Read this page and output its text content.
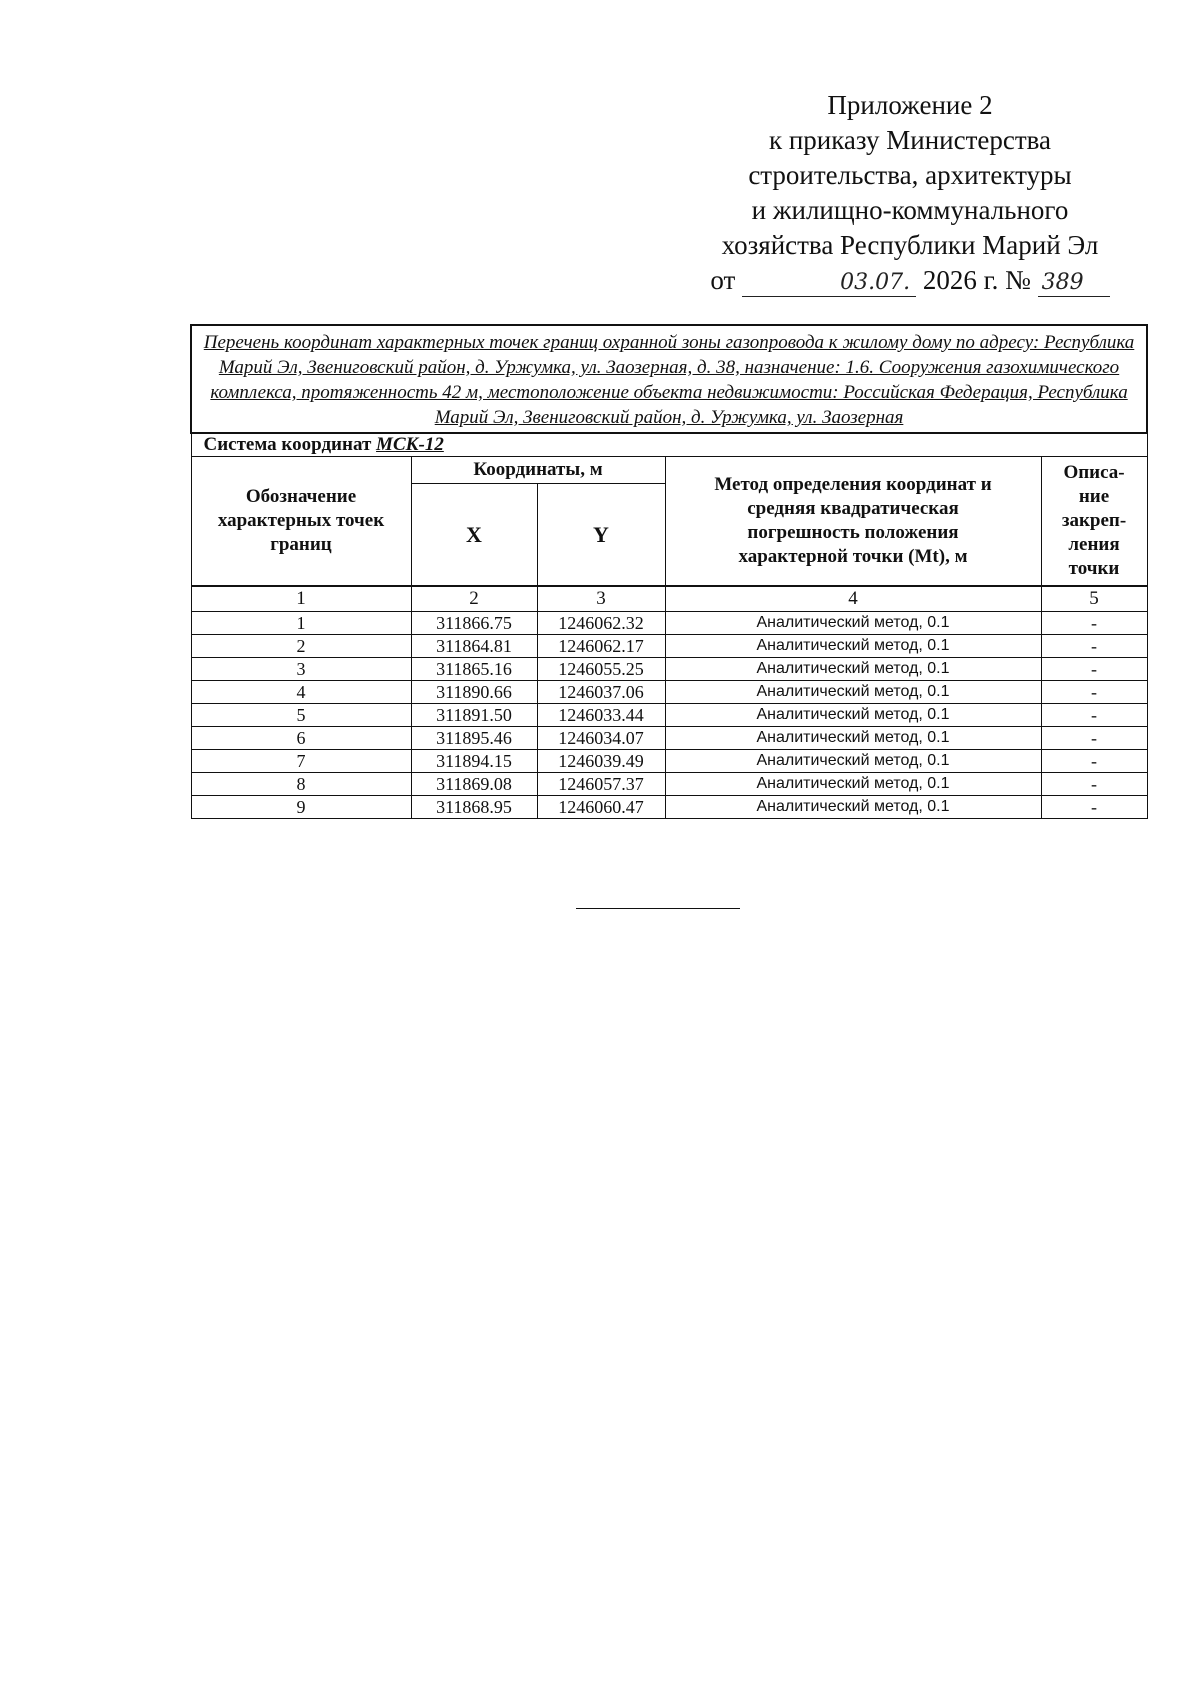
Приложение 2
к приказу Министерства
строительства, архитектуры
и жилищно-коммунального
хозяйства Республики Марий Эл
от	03.07. 2026 г. № 389
Перечень координат характерных точек границ охранной зоны газопровода к жилому дому по адресу: Республика Марий Эл, Звениговский район, д. Уржумка, ул. Заозерная, д. 38, назначение: 1.6. Сооружения газохимического комплекса, протяженность 42 м, местоположение объекта недвижимости: Российская Федерация, Республика Марий Эл, Звениговский район, д. Уржумка, ул. Заозерная				
Система координат МСК-12				
Обозначение характерных точек границ	Координаты, м		Метод определения координат и средняя квадратическая погрешность положения характерной точки (Mt), м	Описа-ние закреп-ления точки
	X	Y		
1	2	3	4	5
1	311866.75	1246062.32	Аналитический метод, 0.1	-
2	311864.81	1246062.17	Аналитический метод, 0.1	-
3	311865.16	1246055.25	Аналитический метод, 0.1	-
4	311890.66	1246037.06	Аналитический метод, 0.1	-
5	311891.50	1246033.44	Аналитический метод, 0.1	-
6	311895.46	1246034.07	Аналитический метод, 0.1	-
7	311894.15	1246039.49	Аналитический метод, 0.1	-
8	311869.08	1246057.37	Аналитический метод, 0.1	-
9	311868.95	1246060.47	Аналитический метод, 0.1	-
